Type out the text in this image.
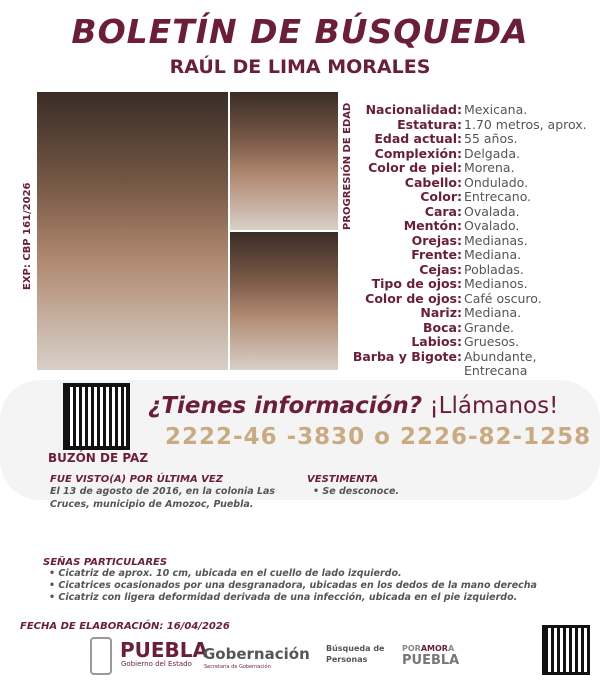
BOLETÍN DE BÚSQUEDA
RAÚL DE LIMA MORALES
EXP: CBP 161/2026
PROGRESIÓN DE EDAD	Nacionalidad: Mexicana.
Estatura: 1.70 metros, aprox.
Edad actual: 55 años.
Complexión: Delgada.
Color de piel: Morena.
Cabello: Ondulado.
Color: Entrecano.
Cara: Ovalada.
Mentón: Ovalado.
Orejas: Medianas.
Frente: Mediana.
Cejas: Pobladas.
Tipo de ojos: Medianos.
Color de ojos: Café oscuro.
Nariz: Mediana.
Boca: Grande.
Labios: Gruesos.
Barba y Bigote: Abundante, Entrecana
BUZÓN DE PAZ
¿Tienes información? ¡Llámanos!
2222-46 -3830 o 2226-82-1258
FUE VISTO(A) POR ÚLTIMA VEZ
El 13 de agosto de 2016, en la colonia Las Cruces, municipio de Amozoc, Puebla.
VESTIMENTA
• Se desconoce.
SEÑAS PARTICULARES
• Cicatriz de aprox. 10 cm, ubicada en el cuello de lado izquierdo.
• Cicatrices ocasionados por una desgranadora, ubicadas en los dedos de la mano derecha
• Cicatriz con ligera deformidad derivada de una infección, ubicada en el pie izquierdo.
FECHA DE ELABORACIÓN: 16/04/2026
PUEBLA
Gobierno del Estado
Gobernación
Secretaría de Gobernación
Búsqueda de Personas
PORAMORA
PUEBLA
